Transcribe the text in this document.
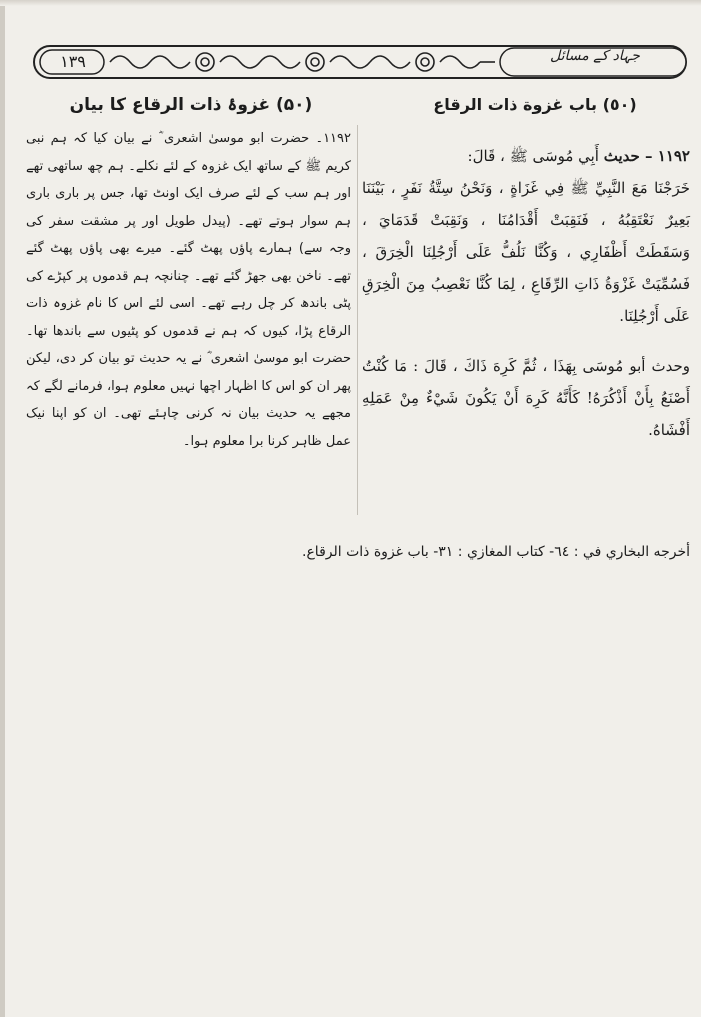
١٣٩	جہاد کے مسائل
(۵۰) غزوۂ ذات الرقاع کا بیان	(٥٠) باب غزوة ذات الرقاع

۱۱۹۲۔ حضرت ابو موسیٰ اشعری ؓ نے بیان کیا کہ ہم نبی کریم ﷺ کے ساتھ ایک غزوہ کے لئے نکلے۔ ہم چھ ساتھی تھے اور ہم سب کے لئے صرف ایک اونٹ تھا، جس پر باری باری ہم سوار ہوتے تھے۔ (پیدل طویل اور پر مشقت سفر کی وجہ سے) ہمارے پاؤں پھٹ گئے۔ میرے بھی پاؤں پھٹ گئے تھے۔ ناخن بھی جھڑ گئے تھے۔ چنانچہ ہم قدموں پر کپڑے کی پٹی باندھ کر چل رہے تھے۔ اسی لئے اس کا نام غزوہ ذات الرقاع پڑا، کیوں کہ ہم نے قدموں کو پٹیوں سے باندھا تھا۔ حضرت ابو موسیٰ اشعری ؓ نے یہ حدیث تو بیان کر دی، لیکن پھر ان کو اس کا اظہار اچھا نہیں معلوم ہوا، فرمانے لگے کہ مجھے یہ حدیث بیان نہ کرنی چاہئے تھی۔ ان کو اپنا نیک عمل ظاہر کرنا برا معلوم ہوا۔

١١٩٢ – حديث أَبِي مُوسَى ﷺ ، قَالَ:

خَرَجْنَا مَعَ النَّبِيِّ ﷺ فِي غَزَاةٍ ، وَنَحْنُ سِتَّةُ نَفَرٍ ، بَيْنَنَا بَعِيرٌ نَعْتَقِبُهُ ، فَنَقِبَتْ أَقْدَامُنَا ، وَنَقِبَتْ قَدَمَايَ ، وَسَقَطَتْ أَظْفَارِي ، وَكُنَّا نَلُفُّ عَلَى أَرْجُلِنَا الْخِرَقَ ، فَسُمِّيَتْ غَزْوَةُ ذَاتِ الرِّقَاعِ ، لِمَا كُنَّا نَعْصِبُ مِنَ الْخِرَقِ عَلَى أَرْجُلِنَا.

وحدث أبو مُوسَى بِهَذَا ، ثُمَّ كَرِهَ ذَاكَ ، قَالَ : مَا كُنْتُ أَصْنَعُ بِأَنْ أَذْكُرَهُ! كَأَنَّهُ كَرِهَ أَنْ يَكُونَ شَيْءٌ مِنْ عَمَلِهِ أَفْشَاهُ.

أخرجه البخاري في : ٦٤- كتاب المغازي : ٣١- باب غزوة ذات الرقاع.
